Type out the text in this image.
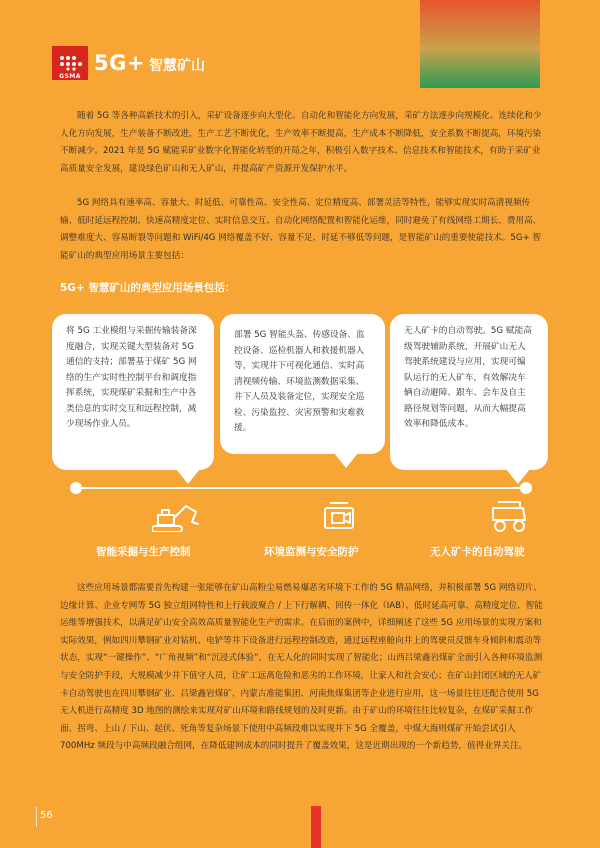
GSMA
5G+ 智慧矿山

随着 5G 等各种高新技术的引入，采矿设备逐步向大型化、自动化和智能化方向发展，采矿方法逐步向规模化、连续化和少人化方向发展，生产装备不断改进，生产工艺不断优化，生产效率不断提高，生产成本不断降低，安全系数不断提高，环境污染不断减少。2021 年是 5G 赋能采矿业数字化智能化转型的开局之年，积极引入数字技术、信息技术和智能技术，有助于采矿业高质量安全发展，建设绿色矿山和无人矿山，并提高矿产资源开发保护水平。

5G 网络具有速率高、容量大、时延低、可靠性高、安全性高、定位精度高、部署灵活等特性，能够实现实时高清视频传输、低时延远程控制、快速高精度定位、实时信息交互、自动化网络配置和智能化运维，同时避免了有线网络工期长、费用高、调整难度大、容易断裂等问题和 WiFi/4G 网络覆盖不好、容量不足、时延不够低等问题，是智能矿山的重要使能技术。5G+ 智能矿山的典型应用场景主要包括：

5G+ 智慧矿山的典型应用场景包括：
将 5G 工业模组与采掘传输装备深度融合，实现关键大型装备对 5G 通信的支持；部署基于煤矿 5G 网络的生产实时性控制平台和调度指挥系统，实现煤矿采掘和生产中各类信息的实时交互和远程控制，减少现场作业人员。
部署 5G 智能头盔、传感设备、监控设备、巡检机器人和救援机器人等，实现井下可视化通信、实时高清视频传输、环境监测数据采集、井下人员及装备定位，实现安全巡检、污染监控、灾害预警和灾难救援。
无人矿卡的自动驾驶。5G 赋能高级驾驶辅助系统，开展矿山无人驾驶系统建设与应用，实现可编队运行的无人矿车，有效解决车辆自动避障、跟车、会车及自主路径规划等问题，从而大幅提高效率和降低成本。
智能采掘与生产控制	环境监测与安全防护	无人矿卡的自动驾驶

这些应用场景都需要首先构建一张能够在矿山高粉尘易燃易爆恶劣环境下工作的 5G 精品网络，并积极部署 5G 网络切片、边缘计算、企业专网等 5G 独立组网特性和上行载波聚合 / 上下行解耦、回传一体化（IAB）、低时延高可靠、高精度定位、智能运维等增强技术，以满足矿山安全高效高质量智能化生产的需求。在后面的案例中，详细阐述了这些 5G 应用场景的实现方案和实际效果，例如四川攀钢矿业对钻机、电铲等井下设备进行远程控制改造，通过远程座舱向井上的驾驶员反馈车身倾斜和震动等状态，实现“一键操作”、“广角视频”和“沉浸式体验”，在无人化的同时实现了智能化；山西吕梁鑫岩煤矿全面引入各种环境监测与安全防护手段，大规模减少井下值守人员，让矿工远离危险和恶劣的工作环境，让家人和社会安心；在矿山封闭区域的无人矿卡自动驾驶也在四川攀钢矿业、吕梁鑫岩煤矿、内蒙古准能集团、河南焦煤集团等企业进行应用，这一场景往往还配合使用 5G 无人机进行高精度 3D 地图的测绘来实现对矿山环境和路线规划的及时更新。由于矿山的环境往往比较复杂，在煤矿采掘工作面、拐弯、上山 / 下山、起伏、死角等复杂场景下使用中高频段难以实现井下 5G 全覆盖，中煤大海则煤矿开始尝试引入 700MHz 频段与中高频段融合组网，在降低建网成本的同时提升了覆盖效果，这是近期出现的一个新趋势，值得业界关注。

56
